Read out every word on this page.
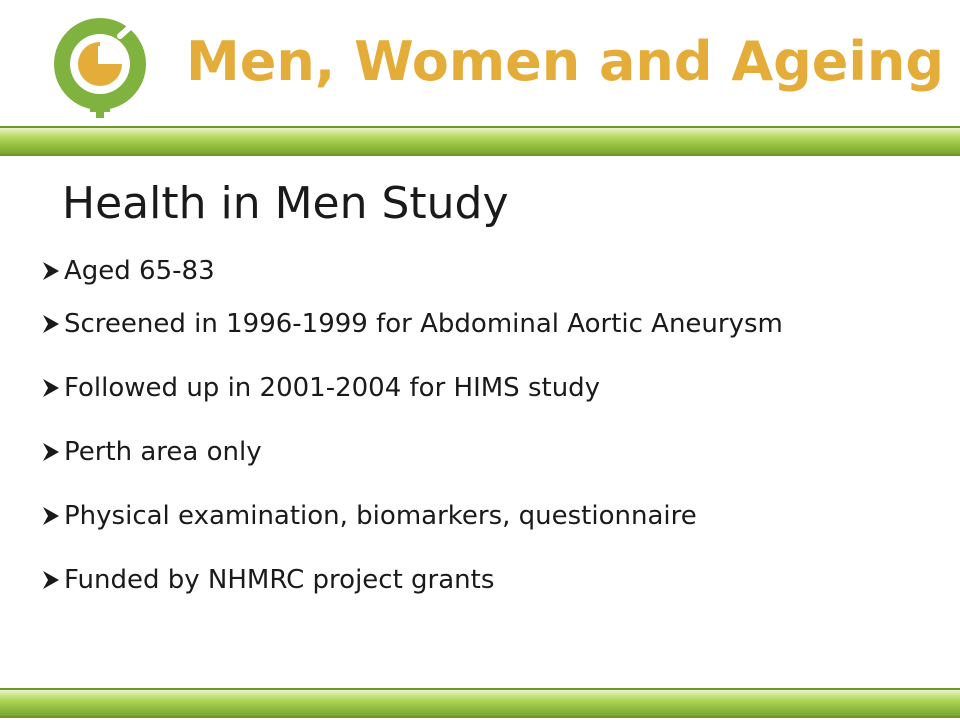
Men, Women and Ageing
Health in Men Study
Aged 65-83
Screened in 1996-1999 for Abdominal Aortic Aneurysm
Followed up in 2001-2004 for HIMS study
Perth area only
Physical examination, biomarkers, questionnaire
Funded by NHMRC project grants
